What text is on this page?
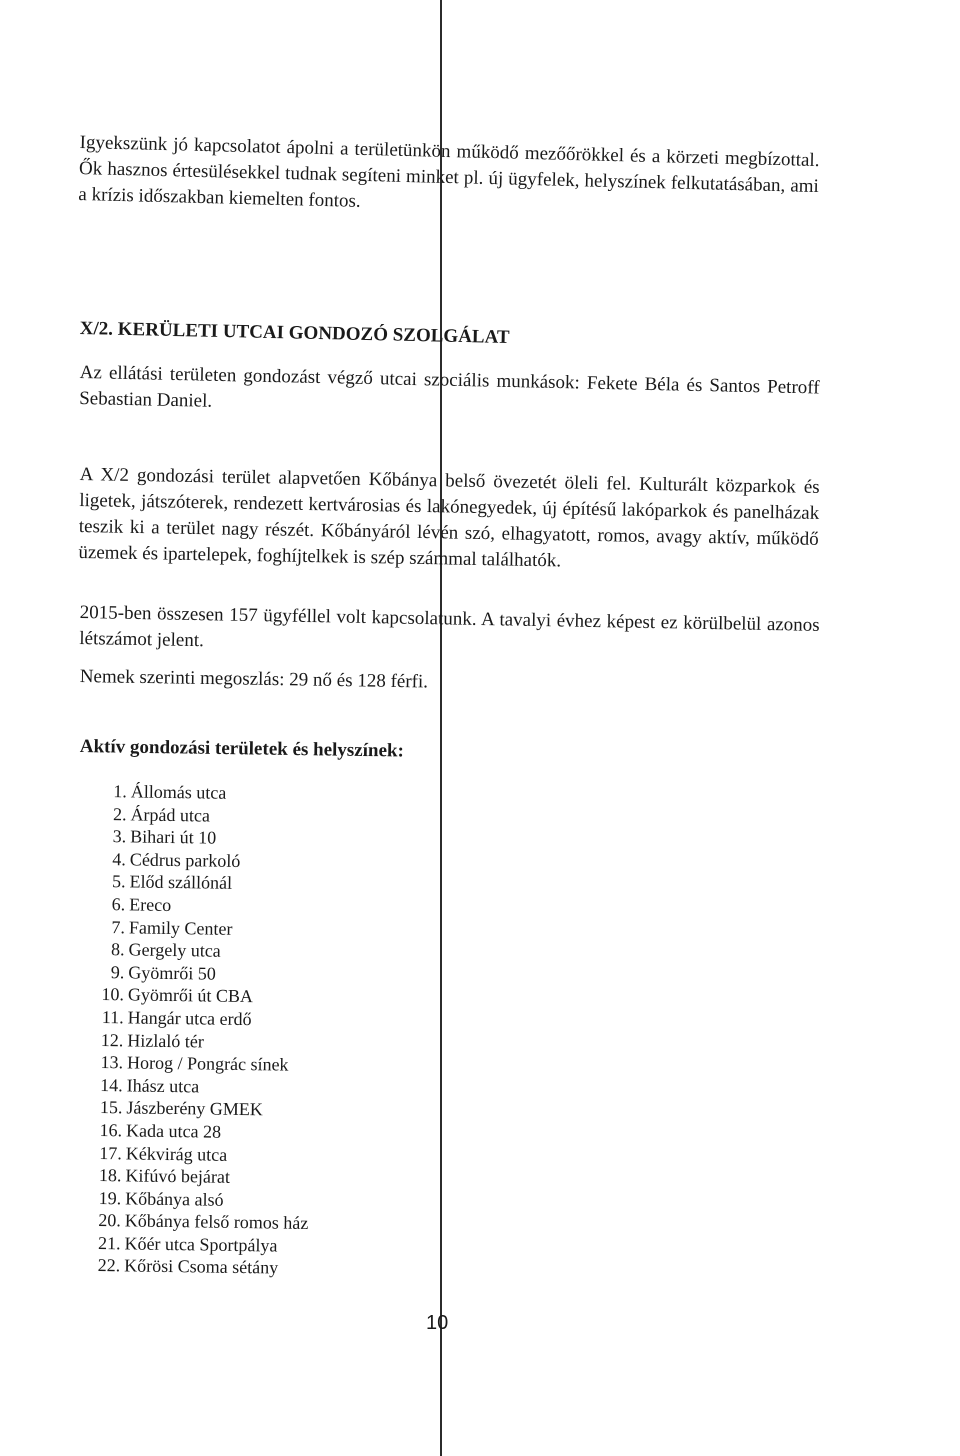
Igyekszünk jó kapcsolatot ápolni a területünkön működő mezőőrökkel és a körzeti megbízottal. Ők hasznos értesülésekkel tudnak segíteni minket pl. új ügyfelek, helyszínek felkutatásában, ami a krízis időszakban kiemelten fontos.
X/2. KERÜLETI UTCAI GONDOZÓ SZOLGÁLAT
Az ellátási területen gondozást végző utcai szociális munkások: Fekete Béla és Santos Petroff Sebastian Daniel.
A X/2 gondozási terület alapvetően Kőbánya belső övezetét öleli fel. Kulturált közparkok és ligetek, játszóterek, rendezett kertvárosias és lakónegyedek, új építésű lakóparkok és panelházak teszik ki a terület nagy részét. Kőbányáról lévén szó, elhagyatott, romos, avagy aktív, működő üzemek és ipartelepek, foghíjtelkek is szép számmal találhatók.
2015-ben összesen 157 ügyféllel volt kapcsolatunk. A tavalyi évhez képest ez körülbelül azonos létszámot jelent.
Nemek szerinti megoszlás: 29 nő és 128 férfi.
Aktív gondozási területek és helyszínek:
1. Állomás utca
2. Árpád utca
3. Bihari út 10
4. Cédrus parkoló
5. Előd szállónál
6. Ereco
7. Family Center
8. Gergely utca
9. Gyömrői 50
10. Gyömrői út CBA
11. Hangár utca erdő
12. Hizlaló tér
13. Horog / Pongrác sínek
14. Ihász utca
15. Jászberény GMEK
16. Kada utca 28
17. Kékvirág utca
18. Kifúvó bejárat
19. Kőbánya alsó
20. Kőbánya felső romos ház
21. Kőér utca Sportpálya
22. Kőrösi Csoma sétány
10
